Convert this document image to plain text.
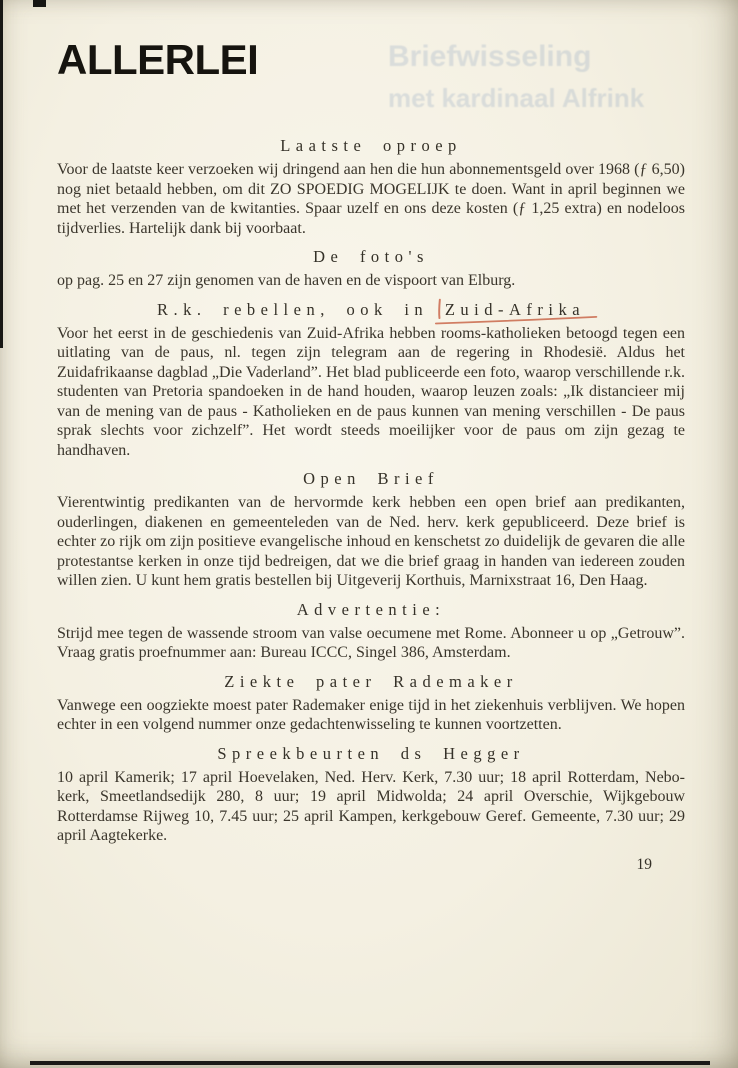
Briefwisseling
met kardinaal Alfrink
ALLERLEI
Laatste oproep

Voor de laatste keer verzoeken wij dringend aan hen die hun abonnementsgeld over 1968 (ƒ 6,50) nog niet betaald hebben, om dit ZO SPOEDIG MOGELIJK te doen. Want in april beginnen we met het verzenden van de kwitanties. Spaar uzelf en ons deze kosten (ƒ 1,25 extra) en nodeloos tijdverlies. Hartelijk dank bij voorbaat.

De foto's

op pag. 25 en 27 zijn genomen van de haven en de vispoort van Elburg.

R.k. rebellen, ook in Zuid-Afrika

Voor het eerst in de geschiedenis van Zuid-Afrika hebben rooms-katholieken betoogd tegen een uitlating van de paus, nl. tegen zijn telegram aan de regering in Rhodesië. Aldus het Zuidafrikaanse dagblad „Die Vaderland”. Het blad publiceerde een foto, waarop verschillende r.k. studenten van Pretoria spandoeken in de hand houden, waarop leuzen zoals: „Ik distancieer mij van de mening van de paus - Katholieken en de paus kunnen van mening verschillen - De paus sprak slechts voor zichzelf”. Het wordt steeds moeilijker voor de paus om zijn gezag te handhaven.

Open Brief

Vierentwintig predikanten van de hervormde kerk hebben een open brief aan predikanten, ouderlingen, diakenen en gemeenteleden van de Ned. herv. kerk gepubliceerd. Deze brief is echter zo rijk om zijn positieve evangelische inhoud en kenschetst zo duidelijk de gevaren die alle protestantse kerken in onze tijd bedreigen, dat we die brief graag in handen van iedereen zouden willen zien. U kunt hem gratis bestellen bij Uitgeverij Korthuis, Marnixstraat 16, Den Haag.

Advertentie:

Strijd mee tegen de wassende stroom van valse oecumene met Rome. Abonneer u op „Getrouw”. Vraag gratis proefnummer aan: Bureau ICCC, Singel 386, Amsterdam.

Ziekte pater Rademaker

Vanwege een oogziekte moest pater Rademaker enige tijd in het ziekenhuis verblijven. We hopen echter in een volgend nummer onze gedachtenwisseling te kunnen voortzetten.

Spreekbeurten ds Hegger

10 april Kamerik; 17 april Hoevelaken, Ned. Herv. Kerk, 7.30 uur; 18 april Rotterdam, Nebo-kerk, Smeetlandsedijk 280, 8 uur; 19 april Midwolda; 24 april Overschie, Wijkgebouw Rotterdamse Rijweg 10, 7.45 uur; 25 april Kampen, kerkgebouw Geref. Gemeente, 7.30 uur; 29 april Aagtekerke.

19
